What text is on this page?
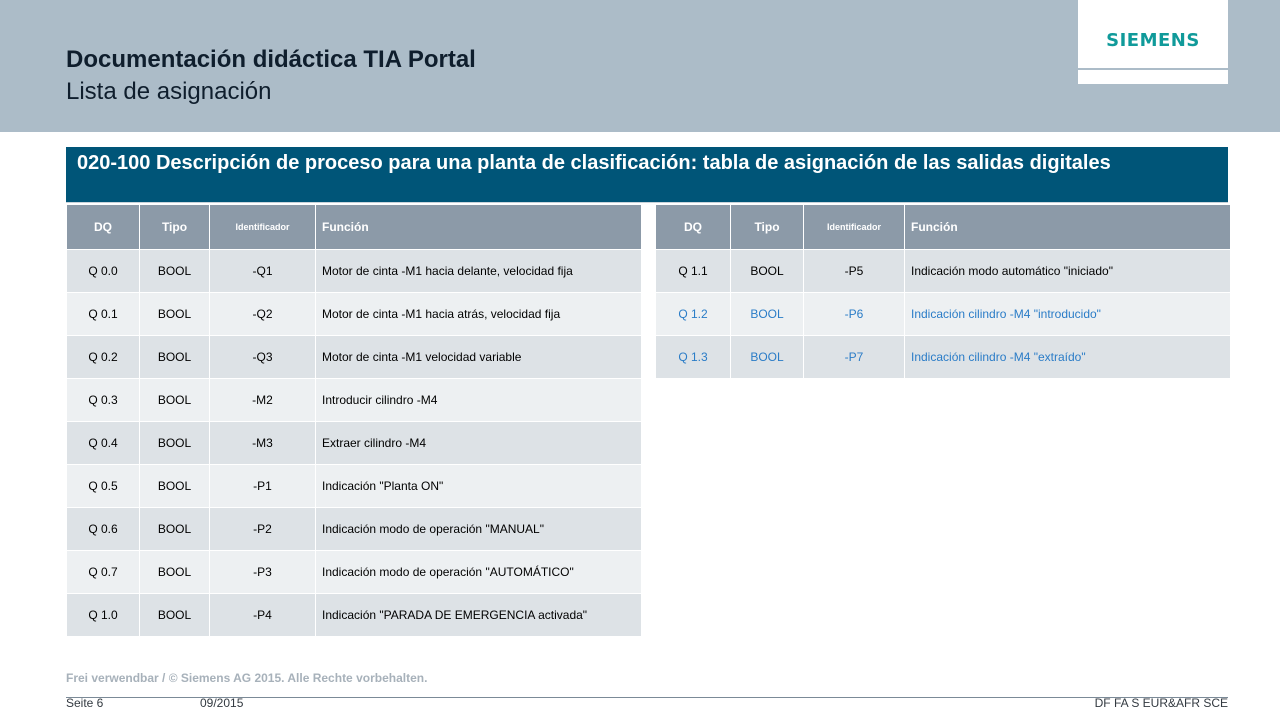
Documentación didáctica TIA Portal
Lista de asignación
SIEMENS
020-100 Descripción de proceso para una planta de clasificación: tabla de asignación de las salidas digitales
DQ	Tipo	Identificador	Función
Q 0.0	BOOL	-Q1	Motor de cinta -M1 hacia delante, velocidad fija
Q 0.1	BOOL	-Q2	Motor de cinta -M1 hacia atrás, velocidad fija
Q 0.2	BOOL	-Q3	Motor de cinta -M1 velocidad variable
Q 0.3	BOOL	-M2	Introducir cilindro -M4
Q 0.4	BOOL	-M3	Extraer cilindro -M4
Q 0.5	BOOL	-P1	Indicación "Planta ON"
Q 0.6	BOOL	-P2	Indicación modo de operación "MANUAL"
Q 0.7	BOOL	-P3	Indicación modo de operación "AUTOMÁTICO"
Q 1.0	BOOL	-P4	Indicación "PARADA DE EMERGENCIA activada"
DQ	Tipo	Identificador	Función
Q 1.1	BOOL	-P5	Indicación modo automático "iniciado"
Q 1.2	BOOL	-P6	Indicación cilindro -M4 "introducido"
Q 1.3	BOOL	-P7	Indicación cilindro -M4 "extraído"
Frei verwendbar / © Siemens AG 2015. Alle Rechte vorbehalten.
Seite 6	09/2015	DF FA S EUR&AFR SCE
